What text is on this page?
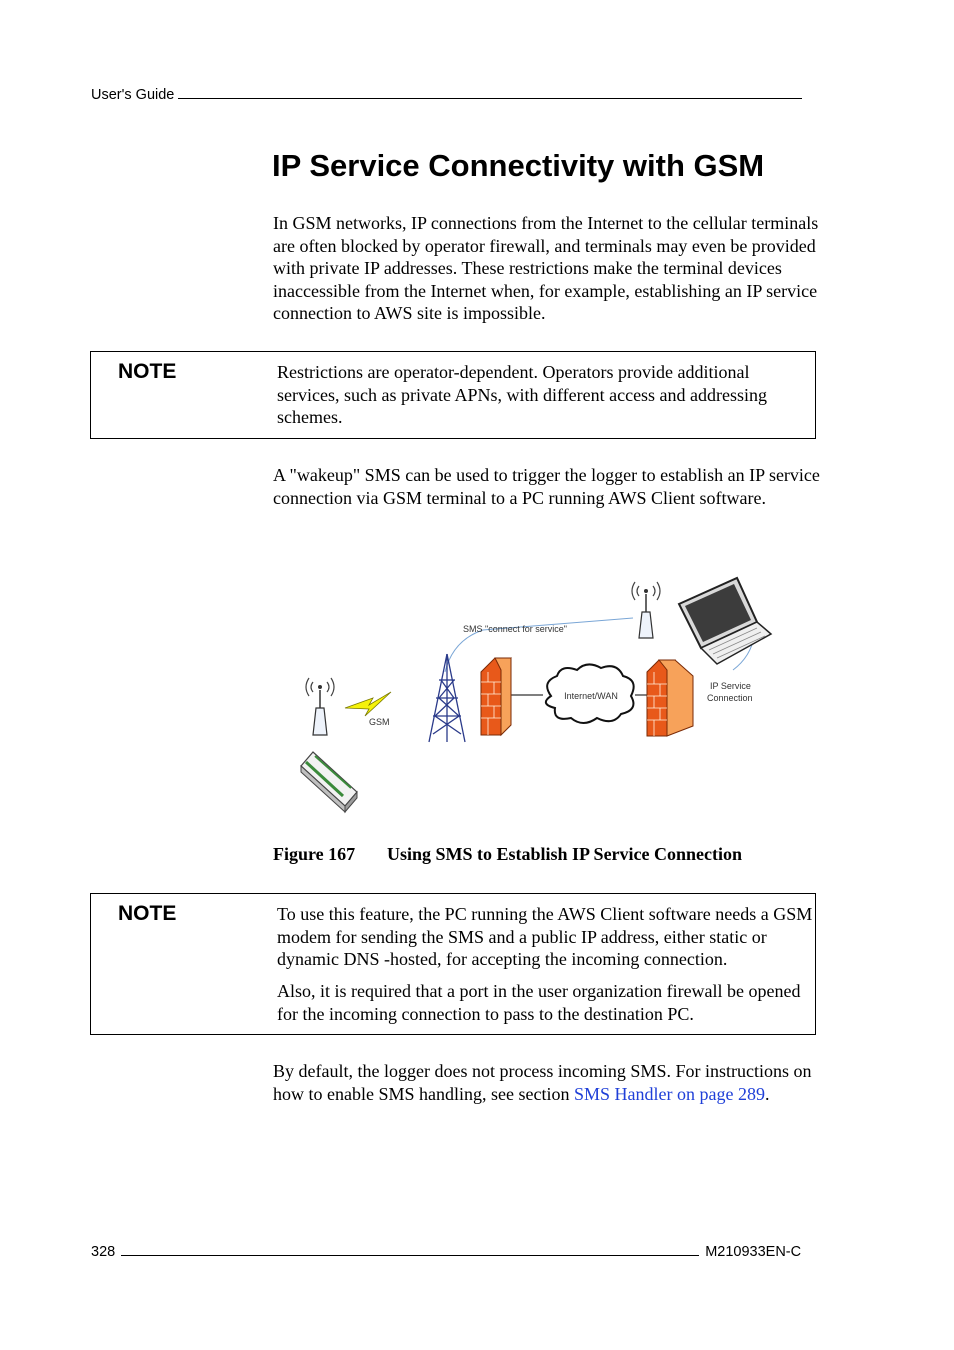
User's Guide
IP Service Connectivity with GSM

In GSM networks, IP connections from the Internet to the cellular terminals are often blocked by operator firewall, and terminals may even be provided with private IP addresses. These restrictions make the terminal devices inaccessible from the Internet when, for example, establishing an IP service connection to AWS site is impossible.

NOTE	Restrictions are operator-dependent. Operators provide additional services, such as private APNs, with different access and addressing schemes.

A "wakeup" SMS can be used to trigger the logger to establish an IP service connection via GSM terminal to a PC running AWS Client software.

SMS "connect for service"
GSM
Internet/WAN
IP Service
Connection
Figure 167 Using SMS to Establish IP Service Connection
NOTE	To use this feature, the PC running the AWS Client software needs a GSM modem for sending the SMS and a public IP address, either static or dynamic DNS -hosted, for accepting the incoming connection.

Also, it is required that a port in the user organization firewall be opened for the incoming connection to pass to the destination PC.

By default, the logger does not process incoming SMS. For instructions on how to enable SMS handling, see section SMS Handler on page 289.

328	M210933EN-C
